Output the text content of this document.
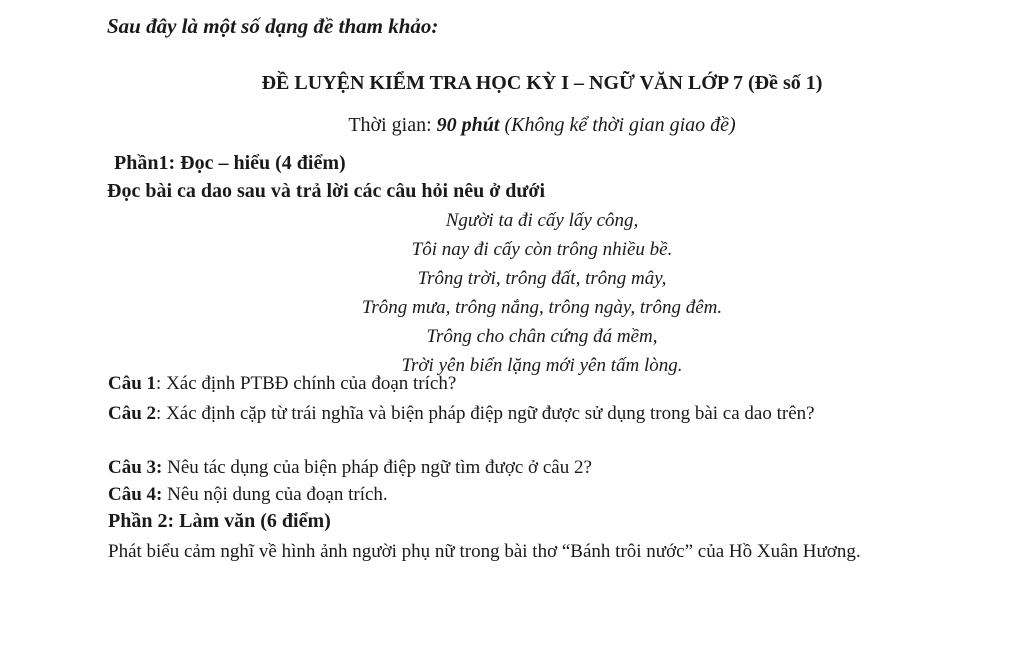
Sau đây là một số dạng đề tham khảo:
ĐỀ LUYỆN KIỂM TRA HỌC KỲ I – NGỮ VĂN LỚP 7 (Đề số 1)
Thời gian: 90 phút (Không kể thời gian giao đề)
Phần1: Đọc – hiểu (4 điểm)
Đọc bài ca dao sau và trả lời các câu hỏi nêu ở dưới
Người ta đi cấy lấy công,
Tôi nay đi cấy còn trông nhiều bề.
Trông trời, trông đất, trông mây,
Trông mưa, trông nắng, trông ngày, trông đêm.
Trông cho chân cứng đá mềm,
Trời yên biển lặng mới yên tấm lòng.
Câu 1: Xác định PTBĐ chính của đoạn trích?
Câu 2: Xác định cặp từ trái nghĩa và biện pháp điệp ngữ được sử dụng trong bài ca dao trên?
Câu 3: Nêu tác dụng của biện pháp điệp ngữ tìm được ở câu 2?
Câu 4: Nêu nội dung của đoạn trích.
Phần 2: Làm văn (6 điểm)
Phát biểu cảm nghĩ về hình ảnh người phụ nữ trong bài thơ “Bánh trôi nước” của Hồ Xuân Hương.
